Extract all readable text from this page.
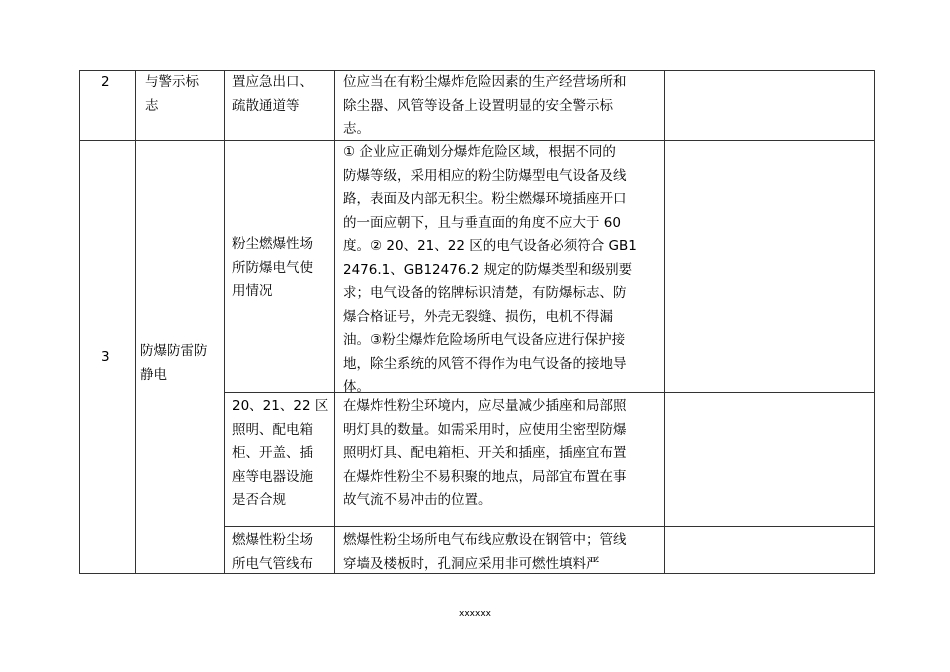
2	与警示标
志
置应急出口、
疏散通道等
位应当在有粉尘爆炸危险因素的生产经营场所和
除尘器、风管等设备上设置明显的安全警示标
志。
3 防爆防雷防
静电
粉尘燃爆性场
所防爆电气使
用情况
① 企业应正确划分爆炸危险区域，根据不同的
防爆等级，采用相应的粉尘防爆型电气设备及线
路，表面及内部无积尘。粉尘燃爆环境插座开口
的一面应朝下，且与垂直面的角度不应大于 60
度。② 20、21、22 区的电气设备必须符合 GB1
2476.1、GB12476.2 规定的防爆类型和级别要
求；电气设备的铭牌标识清楚，有防爆标志、防
爆合格证号，外壳无裂缝、损伤，电机不得漏
油。③粉尘爆炸危险场所电气设备应进行保护接
地，除尘系统的风管不得作为电气设备的接地导
体。
20、21、22 区
照明、配电箱
柜、开盖、插
座等电器设施
是否合规
在爆炸性粉尘环境内，应尽量减少插座和局部照
明灯具的数量。如需采用时，应使用尘密型防爆
照明灯具、配电箱柜、开关和插座，插座宜布置
在爆炸性粉尘不易积聚的地点，局部宜布置在事
故气流不易冲击的位置。
燃爆性粉尘场
所电气管线布
燃爆性粉尘场所电气布线应敷设在钢管中；管线
穿墙及楼板时，孔洞应采用非可燃性填料严
xxxxxx
